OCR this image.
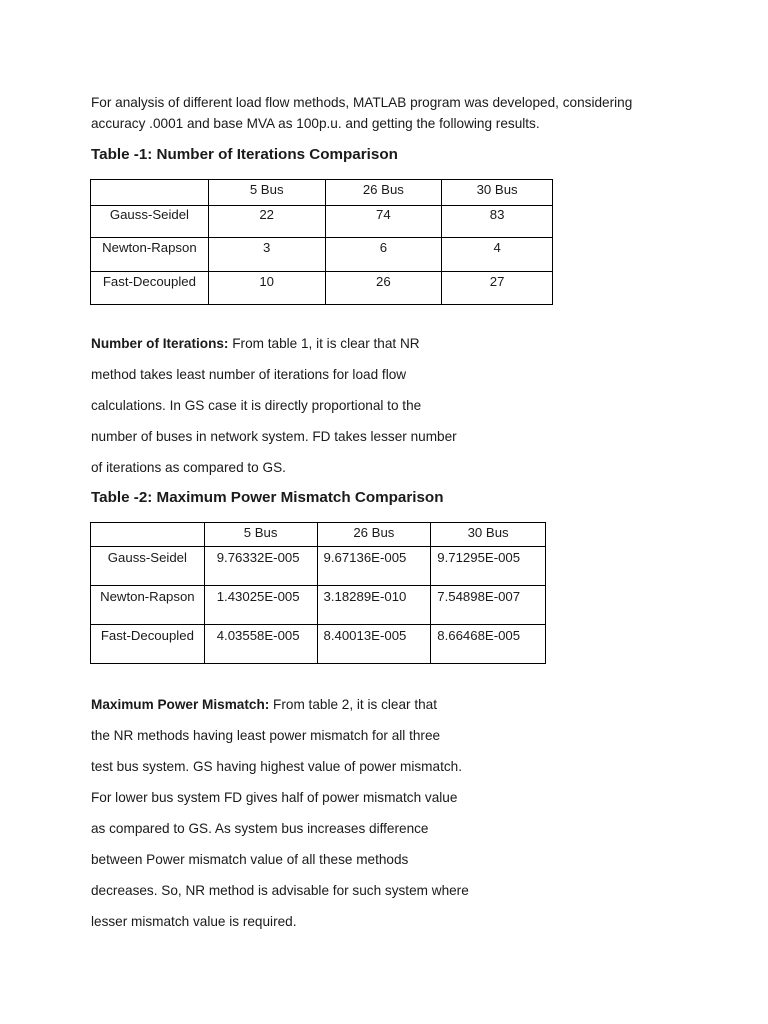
For analysis of different load flow methods, MATLAB program was developed, considering
accuracy .0001 and base MVA as 100p.u. and getting the following results.
Table -1: Number of Iterations Comparison
	5 Bus	26 Bus	30 Bus
Gauss-Seidel	22	74	83
Newton-Rapson	3	6	4
Fast-Decoupled	10	26	27
Number of Iterations: From table 1, it is clear that NR
method takes least number of iterations for load flow
calculations. In GS case it is directly proportional to the
number of buses in network system. FD takes lesser number
of iterations as compared to GS.
Table -2: Maximum Power Mismatch Comparison
	5 Bus	26 Bus	30 Bus
Gauss-Seidel	9.76332E-005	9.67136E-005	9.71295E-005
Newton-Rapson	1.43025E-005	3.18289E-010	7.54898E-007
Fast-Decoupled	4.03558E-005	8.40013E-005	8.66468E-005
Maximum Power Mismatch: From table 2, it is clear that
the NR methods having least power mismatch for all three
test bus system. GS having highest value of power mismatch.
For lower bus system FD gives half of power mismatch value
as compared to GS. As system bus increases difference
between Power mismatch value of all these methods
decreases. So, NR method is advisable for such system where
lesser mismatch value is required.
